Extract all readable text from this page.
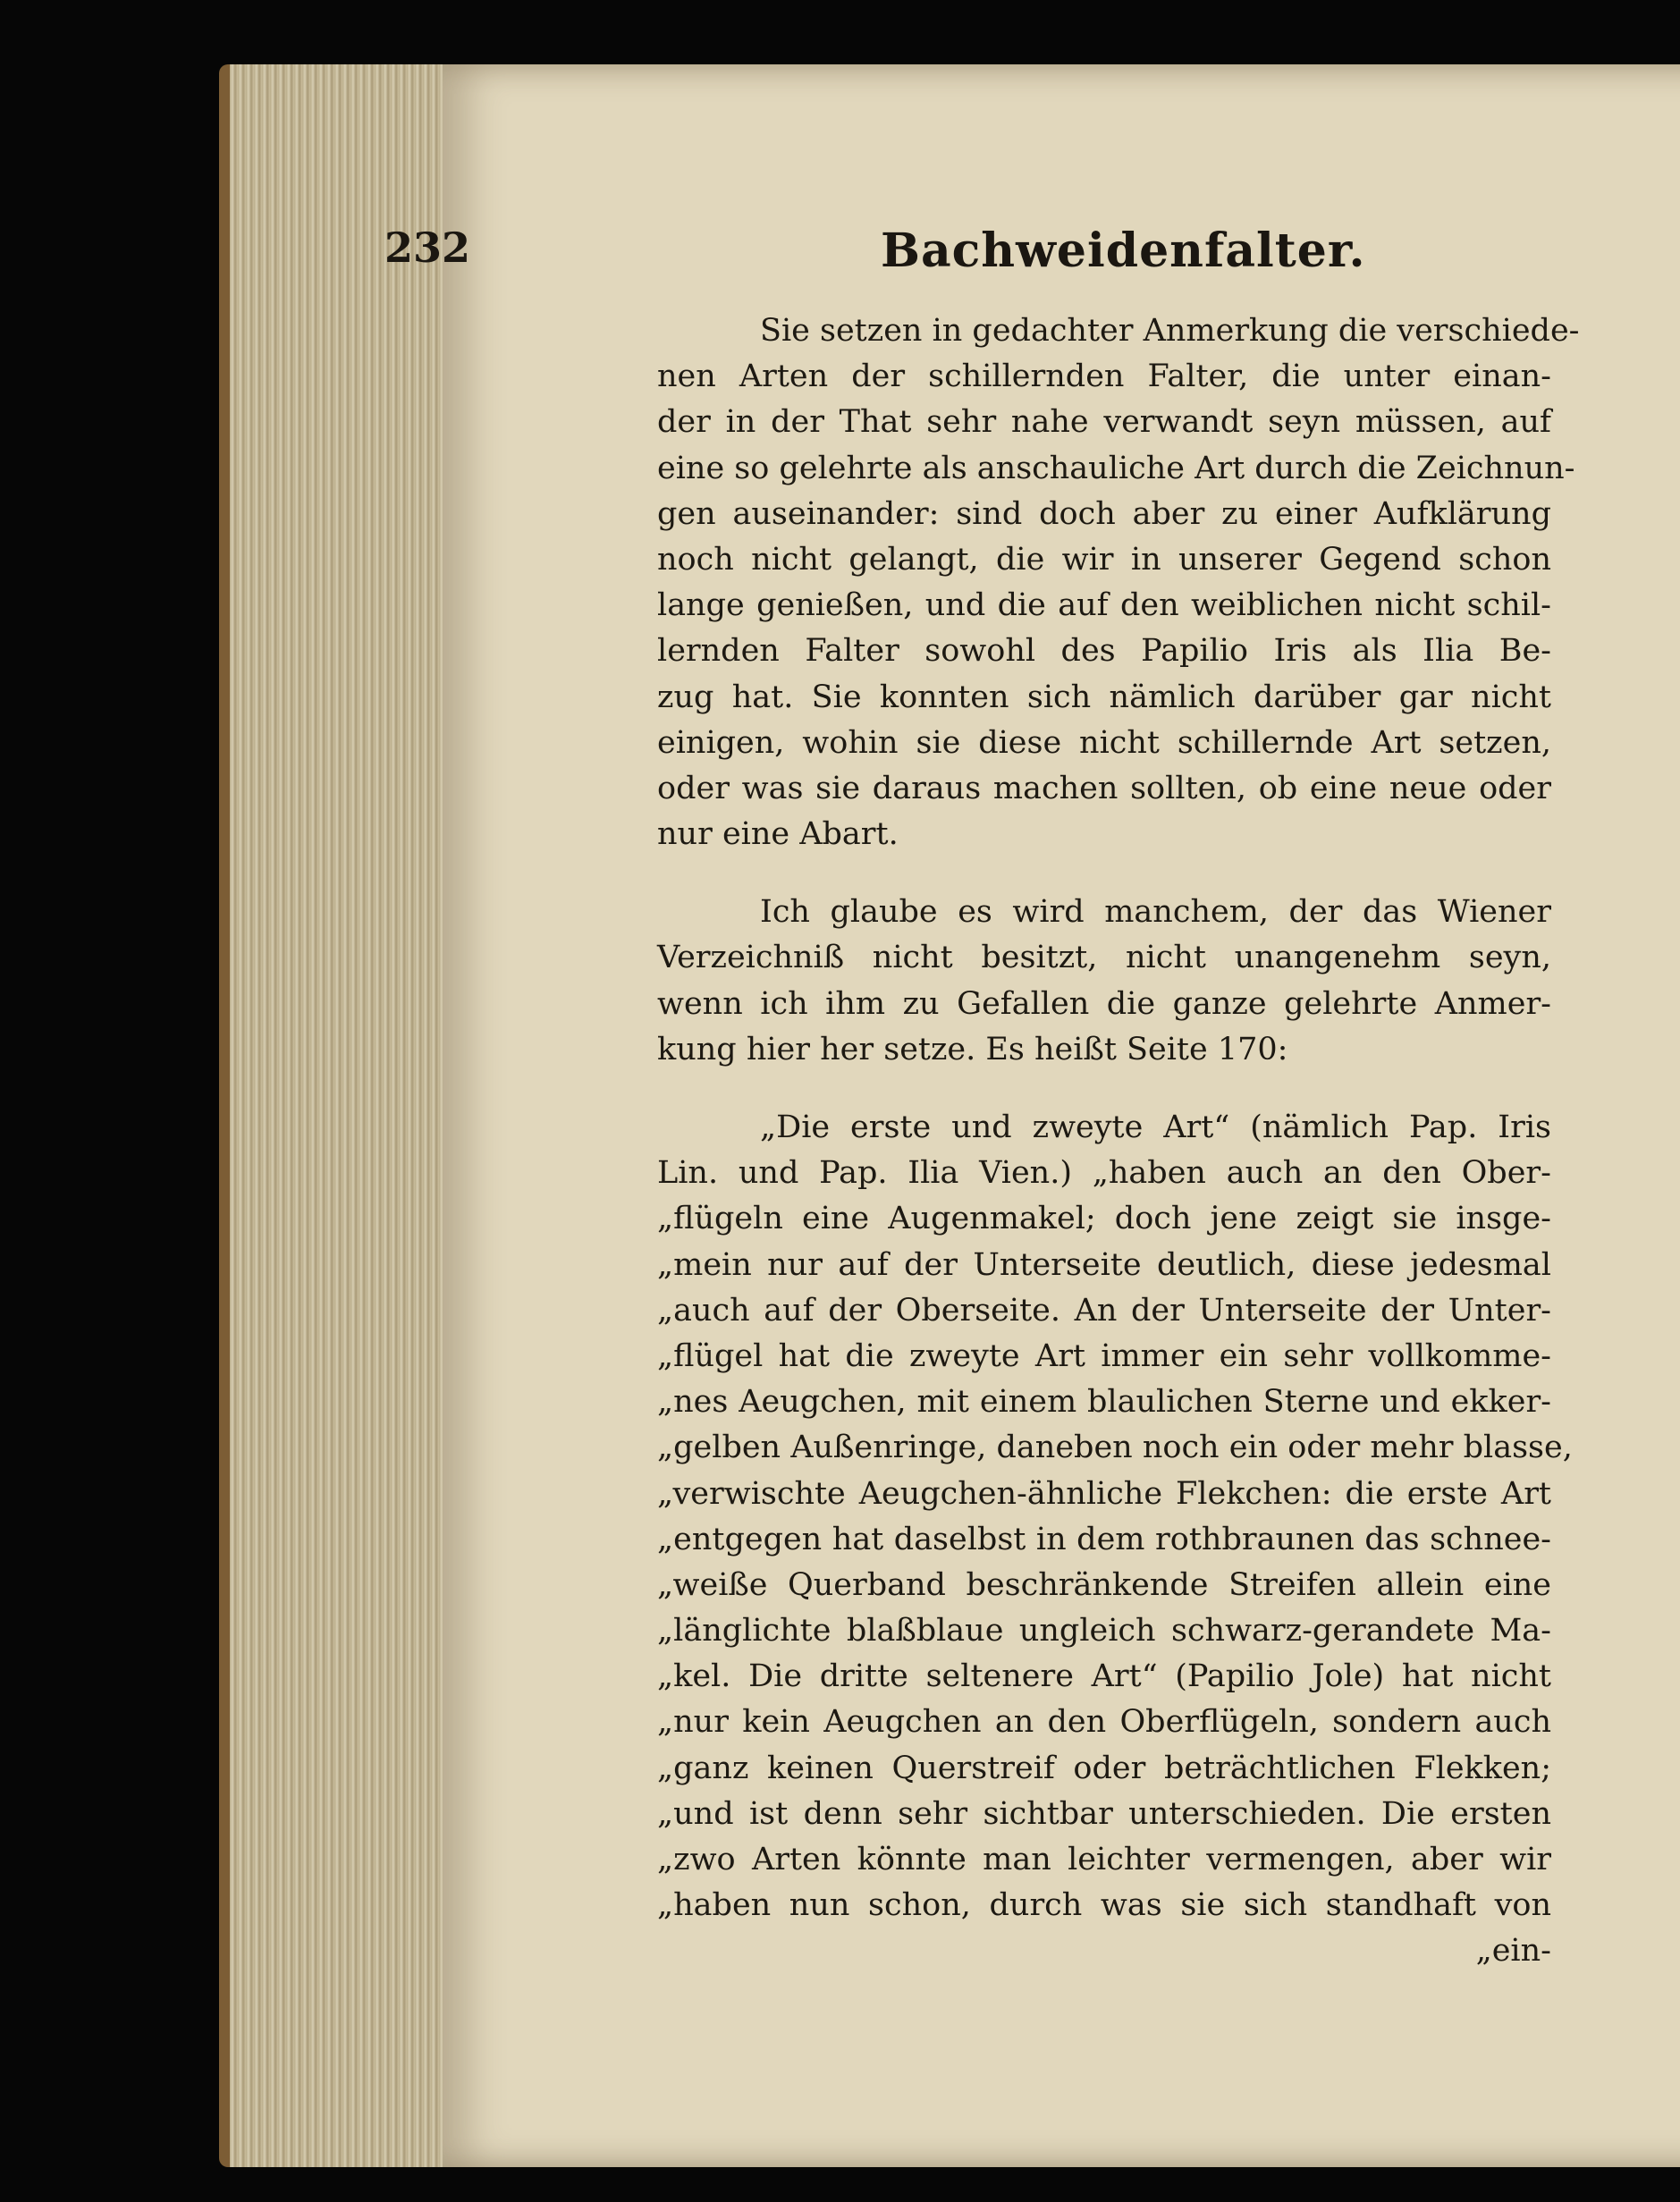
232	Bachweidenfalter.

Sie setzen in gedachter Anmerkung die verschiede-
nen Arten der schillernden Falter, die unter einan-
der in der That sehr nahe verwandt seyn müssen, auf
eine so gelehrte als anschauliche Art durch die Zeichnun-
gen auseinander: sind doch aber zu einer Aufklärung
noch nicht gelangt, die wir in unserer Gegend schon
lange genießen, und die auf den weiblichen nicht schil-
lernden Falter sowohl des Papilio Iris als Ilia Be-
zug hat. Sie konnten sich nämlich darüber gar nicht
einigen, wohin sie diese nicht schillernde Art setzen,
oder was sie daraus machen sollten, ob eine neue oder
nur eine Abart.

Ich glaube es wird manchem, der das Wiener
Verzeichniß nicht besitzt, nicht unangenehm seyn,
wenn ich ihm zu Gefallen die ganze gelehrte Anmer-
kung hier her setze. Es heißt Seite 170:

„Die erste und zweyte Art“ (nämlich Pap. Iris
Lin. und Pap. Ilia Vien.) „haben auch an den Ober-
„flügeln eine Augenmakel; doch jene zeigt sie insge-
„mein nur auf der Unterseite deutlich, diese jedesmal
„auch auf der Oberseite. An der Unterseite der Unter-
„flügel hat die zweyte Art immer ein sehr vollkomme-
„nes Aeugchen, mit einem blaulichen Sterne und ekker-
„gelben Außenringe, daneben noch ein oder mehr blasse,
„verwischte Aeugchen-ähnliche Flekchen: die erste Art
„entgegen hat daselbst in dem rothbraunen das schnee-
„weiße Querband beschränkende Streifen allein eine
„länglichte blaßblaue ungleich schwarz-gerandete Ma-
„kel. Die dritte seltenere Art“ (Papilio Jole) hat nicht
„nur kein Aeugchen an den Oberflügeln, sondern auch
„ganz keinen Querstreif oder beträchtlichen Flekken;
„und ist denn sehr sichtbar unterschieden. Die ersten
„zwo Arten könnte man leichter vermengen, aber wir
„haben nun schon, durch was sie sich standhaft von
„ein-
